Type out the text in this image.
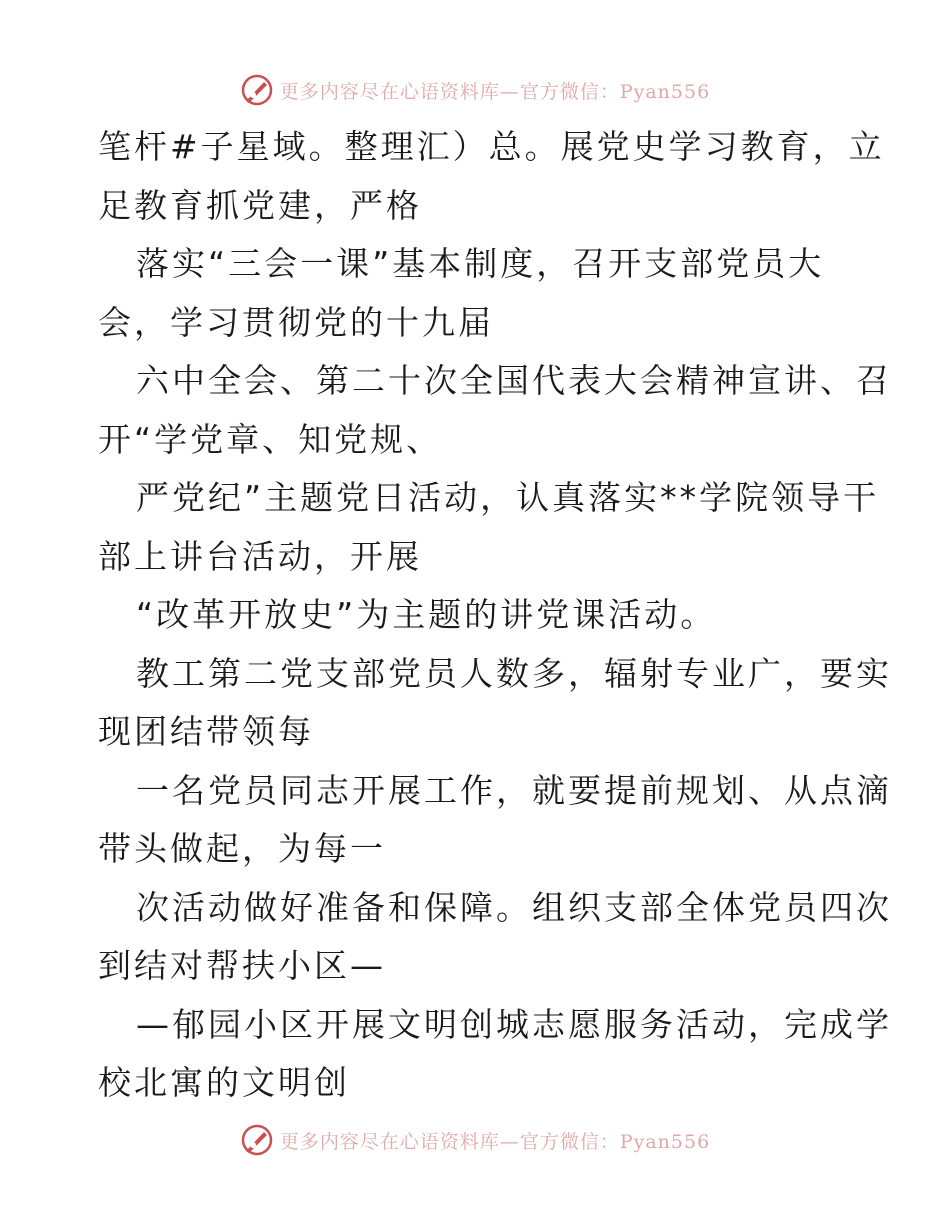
更多内容尽在心语资料库—官方微信：Pyan556
笔杆#子星域。整理汇）总。展党史学习教育，立
足教育抓党建，严格
落实“三会一课”基本制度，召开支部党员大
会，学习贯彻党的十九届
六中全会、第二十次全国代表大会精神宣讲、召
开“学党章、知党规、
严党纪”主题党日活动，认真落实**学院领导干
部上讲台活动，开展
“改革开放史”为主题的讲党课活动。
教工第二党支部党员人数多，辐射专业广，要实
现团结带领每
一名党员同志开展工作，就要提前规划、从点滴
带头做起，为每一
次活动做好准备和保障。组织支部全体党员四次
到结对帮扶小区—
—郁园小区开展文明创城志愿服务活动，完成学
校北寓的文明创
更多内容尽在心语资料库—官方微信：Pyan556
